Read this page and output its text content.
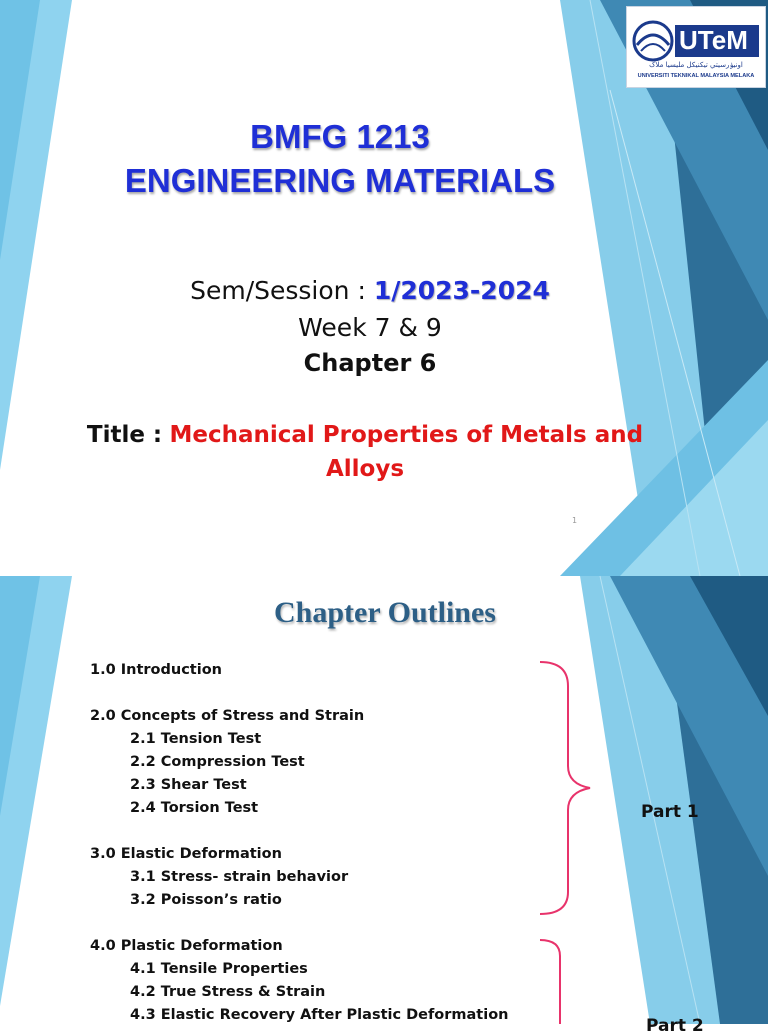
UTeM
اونيۏرسيتي تيکنيکل مليسيا ملاک
UNIVERSITI TEKNIKAL MALAYSIA MELAKA
BMFG 1213
ENGINEERING MATERIALS
Sem/Session : 1/2023-2024
Week 7 & 9
Chapter 6
Title : Mechanical Properties of Metals and
Alloys
1
Chapter Outlines
1.0 Introduction
2.0 Concepts of Stress and Strain
2.1 Tension Test
2.2 Compression Test
2.3 Shear Test
2.4 Torsion Test
3.0 Elastic Deformation
3.1 Stress- strain behavior
3.2 Poisson’s ratio
4.0 Plastic Deformation
4.1 Tensile Properties
4.2 True Stress & Strain
4.3 Elastic Recovery After Plastic Deformation
Part 1
Part 2
